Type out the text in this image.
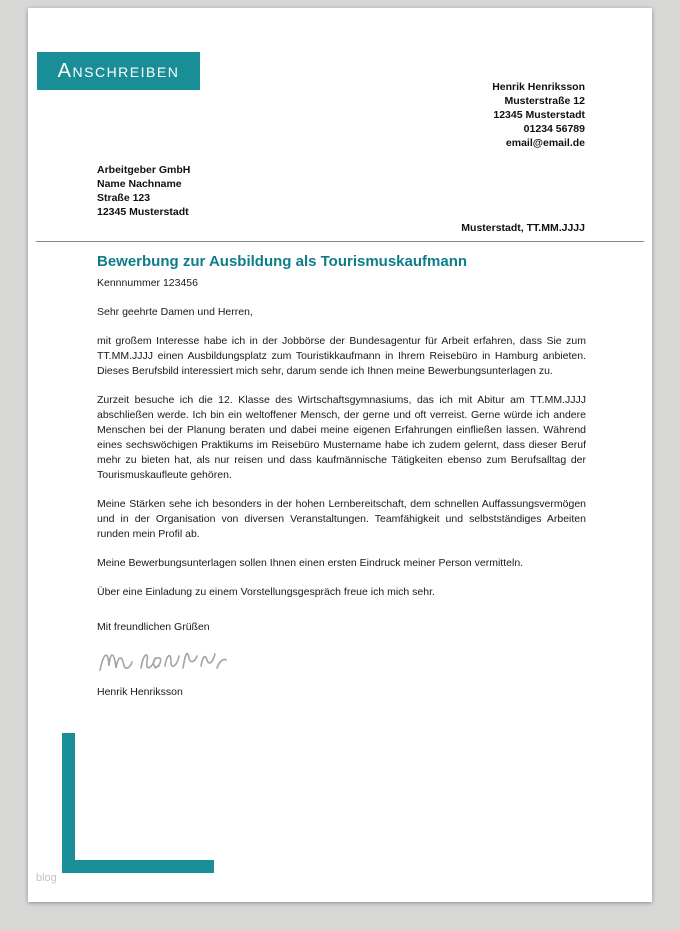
ANSCHREIBEN
Henrik Henriksson
Musterstraße 12
12345 Musterstadt
01234 56789
email@email.de
Arbeitgeber GmbH
Name Nachname
Straße 123
12345 Musterstadt
Musterstadt, TT.MM.JJJJ
Bewerbung zur Ausbildung als Tourismuskaufmann
Kennnummer 123456
Sehr geehrte Damen und Herren,

mit großem Interesse habe ich in der Jobbörse der Bundesagentur für Arbeit erfahren, dass Sie zum TT.MM.JJJJ einen Ausbildungsplatz zum Touristikkaufmann in Ihrem Reisebüro in Hamburg anbieten. Dieses Berufsbild interessiert mich sehr, darum sende ich Ihnen meine Bewerbungsunterlagen zu.

Zurzeit besuche ich die 12. Klasse des Wirtschaftsgymnasiums, das ich mit Abitur am TT.MM.JJJJ abschließen werde. Ich bin ein weltoffener Mensch, der gerne und oft verreist. Gerne würde ich andere Menschen bei der Planung beraten und dabei meine eigenen Erfahrungen einfließen lassen. Während eines sechswöchigen Praktikums im Reisebüro Mustername habe ich zudem gelernt, dass dieser Beruf mehr zu bieten hat, als nur reisen und dass kaufmännische Tätigkeiten ebenso zum Berufsalltag der Tourismuskaufleute gehören.

Meine Stärken sehe ich besonders in der hohen Lernbereitschaft, dem schnellen Auffassungsvermögen und in der Organisation von diversen Veranstaltungen. Teamfähigkeit und selbstständiges Arbeiten runden mein Profil ab.

Meine Bewerbungsunterlagen sollen Ihnen einen ersten Eindruck meiner Person vermitteln.

Über eine Einladung zu einem Vorstellungsgespräch freue ich mich sehr.

Mit freundlichen Grüßen
Henrik Henriksson
blog
